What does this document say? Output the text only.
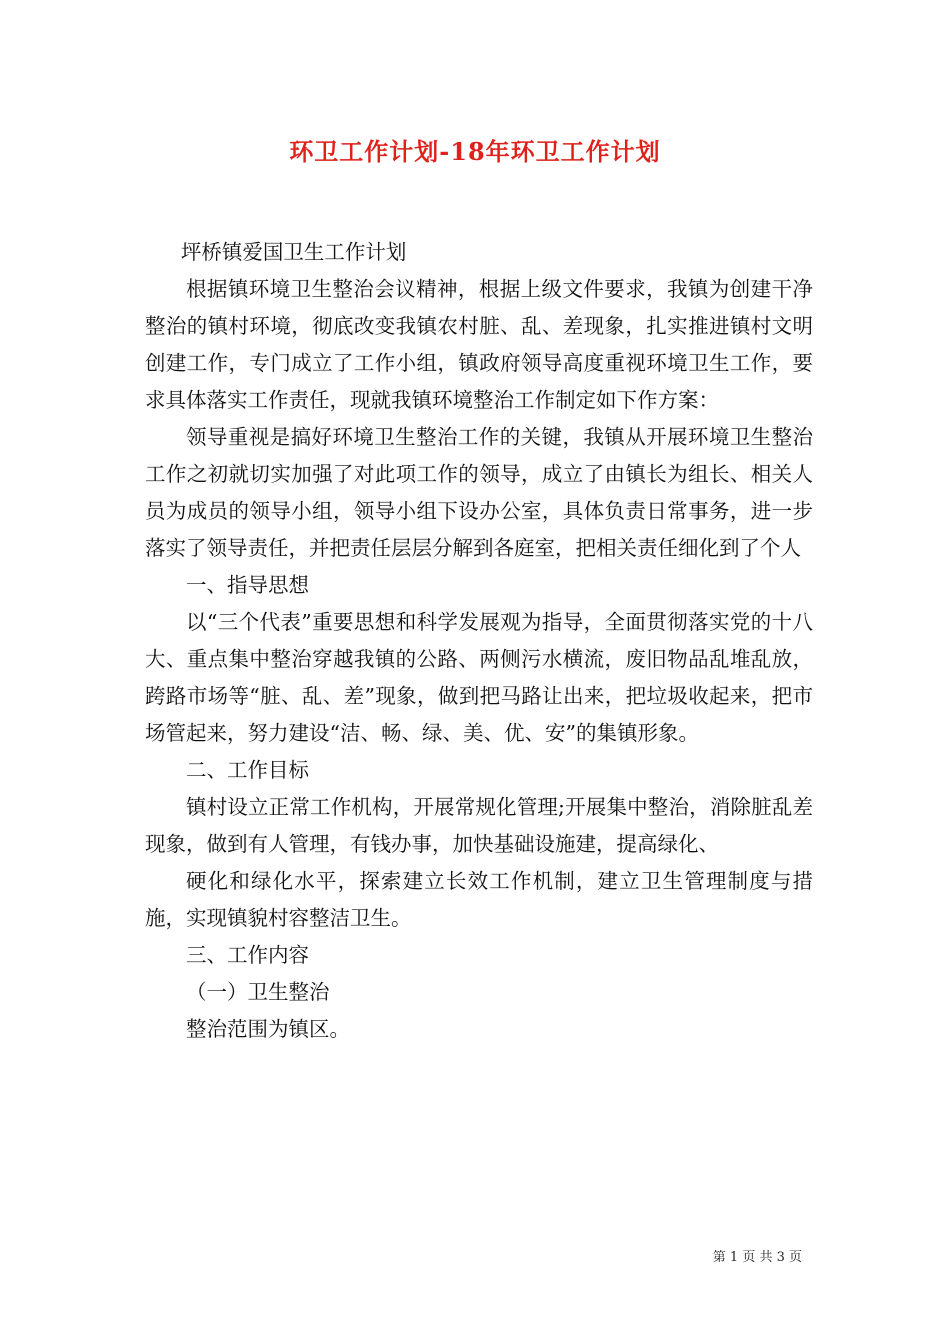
环卫工作计划-18年环卫工作计划

坪桥镇爱国卫生工作计划

根据镇环境卫生整治会议精神，根据上级文件要求，我镇为创建干净整治的镇村环境，彻底改变我镇农村脏、乱、差现象，扎实推进镇村文明创建工作，专门成立了工作小组，镇政府领导高度重视环境卫生工作，要求具体落实工作责任，现就我镇环境整治工作制定如下作方案：

领导重视是搞好环境卫生整治工作的关键，我镇从开展环境卫生整治工作之初就切实加强了对此项工作的领导，成立了由镇长为组长、相关人员为成员的领导小组，领导小组下设办公室，具体负责日常事务，进一步落实了领导责任，并把责任层层分解到各庭室，把相关责任细化到了个人

一、指导思想

以“三个代表”重要思想和科学发展观为指导，全面贯彻落实党的十八大、重点集中整治穿越我镇的公路、两侧污水横流，废旧物品乱堆乱放，跨路市场等“脏、乱、差”现象，做到把马路让出来，把垃圾收起来，把市场管起来，努力建设“洁、畅、绿、美、优、安”的集镇形象。

二、工作目标

镇村设立正常工作机构，开展常规化管理;开展集中整治，消除脏乱差现象，做到有人管理，有钱办事，加快基础设施建，提高绿化、

硬化和绿化水平，探索建立长效工作机制，建立卫生管理制度与措施，实现镇貌村容整洁卫生。

三、工作内容

（一）卫生整治

整治范围为镇区。

第 1 页 共 3 页
